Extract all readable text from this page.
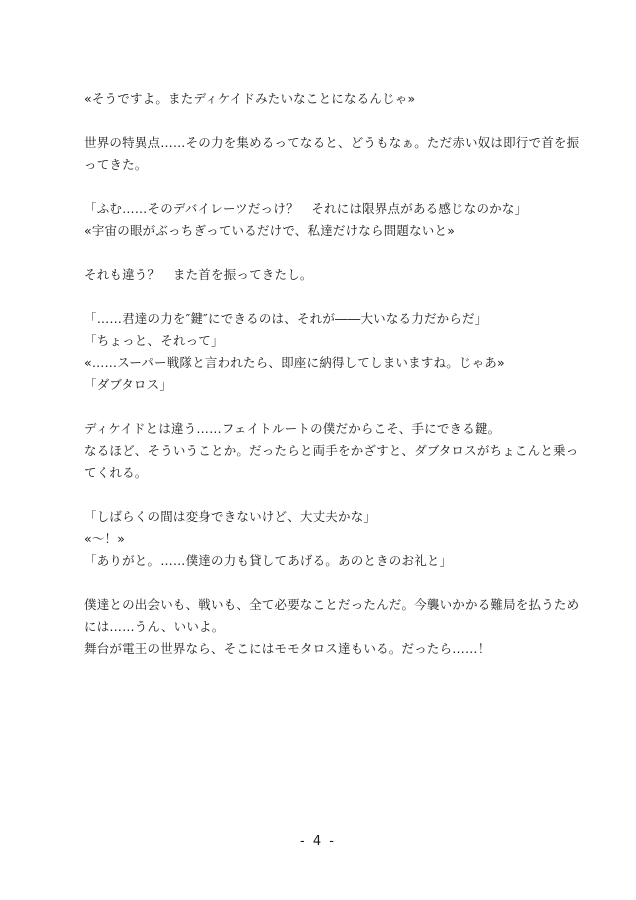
«そうですよ。またディケイドみたいなことになるんじゃ»
世界の特異点……その力を集めるってなると、どうもなぁ。ただ赤い奴は即行で首を振
ってきた。
「ふむ……そのデバイレーツだっけ？　それには限界点がある感じなのかな」
«宇宙の眼がぶっちぎっているだけで、私達だけなら問題ないと»
それも違う？　また首を振ってきたし。
「……君達の力を″鍵″にできるのは、それが――大いなる力だからだ」
「ちょっと、それって」
«……スーパー戦隊と言われたら、即座に納得してしまいますね。じゃあ»
「ダブタロス」
ディケイドとは違う……フェイトルートの僕だからこそ、手にできる鍵。
なるほど、そういうことか。だったらと両手をかざすと、ダブタロスがちょこんと乗っ
てくれる。
「しばらくの間は変身できないけど、大丈夫かな」
«～！»
「ありがと。……僕達の力も貸してあげる。あのときのお礼と」
僕達との出会いも、戦いも、全て必要なことだったんだ。今襲いかかる難局を払うため
には……うん、いいよ。
舞台が電王の世界なら、そこにはモモタロス達もいる。だったら……！
- 4 -
